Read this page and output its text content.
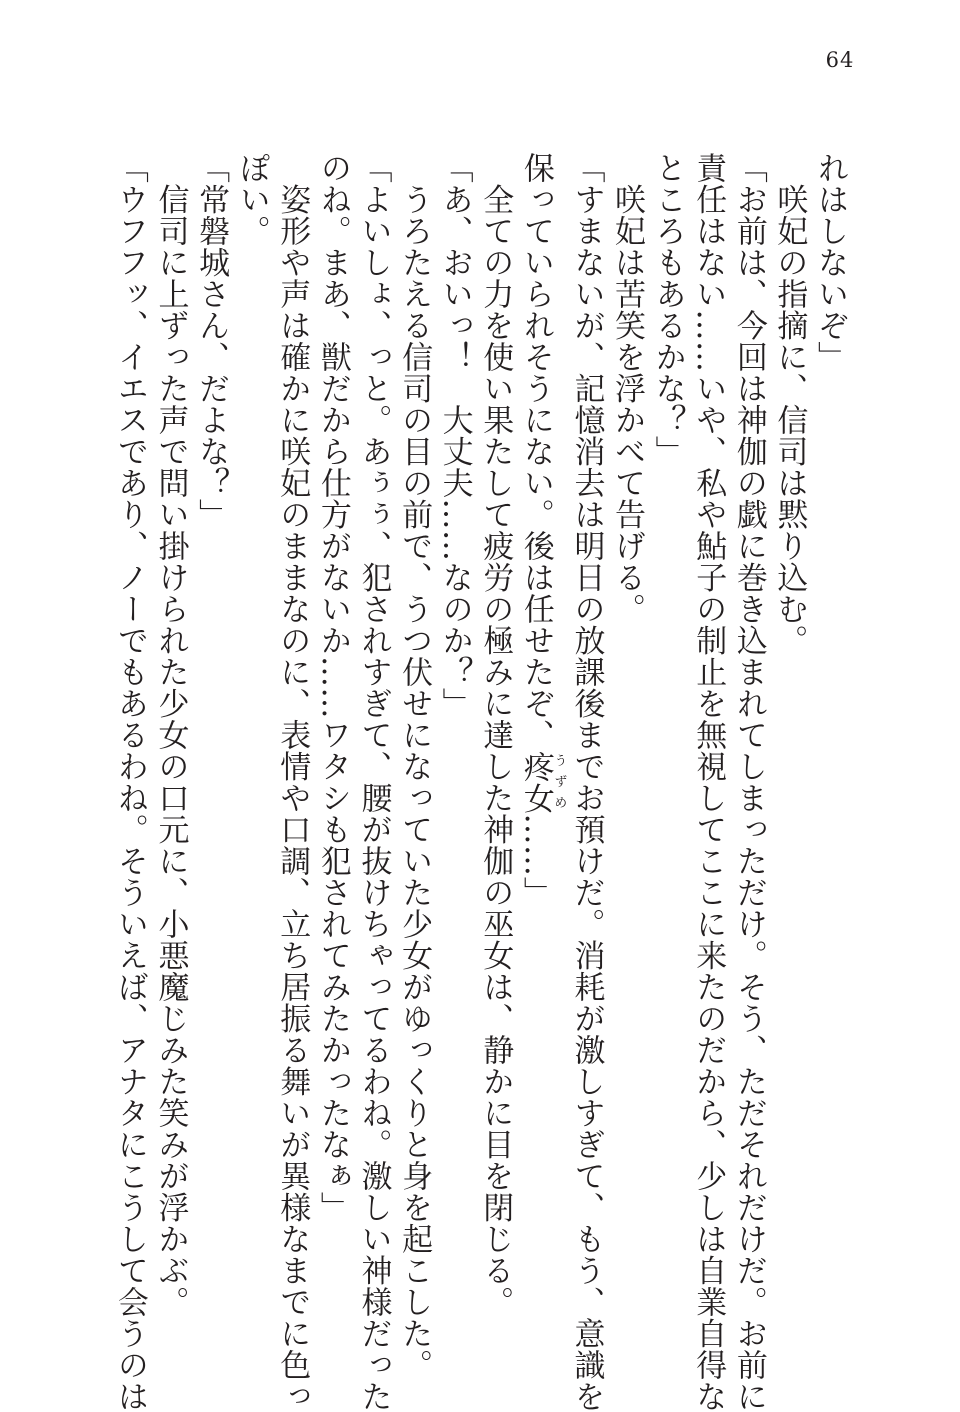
64
れはしないぞ」
　咲妃の指摘に、信司は黙り込む。
「お前は、今回は神伽の戯に巻き込まれてしまっただけ。そう、ただそれだけだ。お前に
責任はない……いや、私や鮎子の制止を無視してここに来たのだから、少しは自業自得な
ところもあるかな？」
　咲妃は苦笑を浮かべて告げる。
「すまないが、記憶消去は明日の放課後までお預けだ。消耗が激しすぎて、もう、意識を
保っていられそうにない。後は任せたぞ、疼女うずめ……」
　全ての力を使い果たして疲労の極みに達した神伽の巫女は、静かに目を閉じる。
「あ、おいっ！　大丈夫……なのか？」
　うろたえる信司の目の前で、うつ伏せになっていた少女がゆっくりと身を起こした。
「よいしょ、っと。あぅぅ、犯されすぎて、腰が抜けちゃってるわね。激しい神様だった
のね。まあ、獣だから仕方がないか……ワタシも犯されてみたかったなぁ」
　姿形や声は確かに咲妃のままなのに、表情や口調、立ち居振る舞いが異様なまでに色っ
ぽい。
「常磐城さん、だよな？」
　信司に上ずった声で問い掛けられた少女の口元に、小悪魔じみた笑みが浮かぶ。
「ウフフッ、イエスであり、ノーでもあるわね。そういえば、アナタにこうして会うのは
